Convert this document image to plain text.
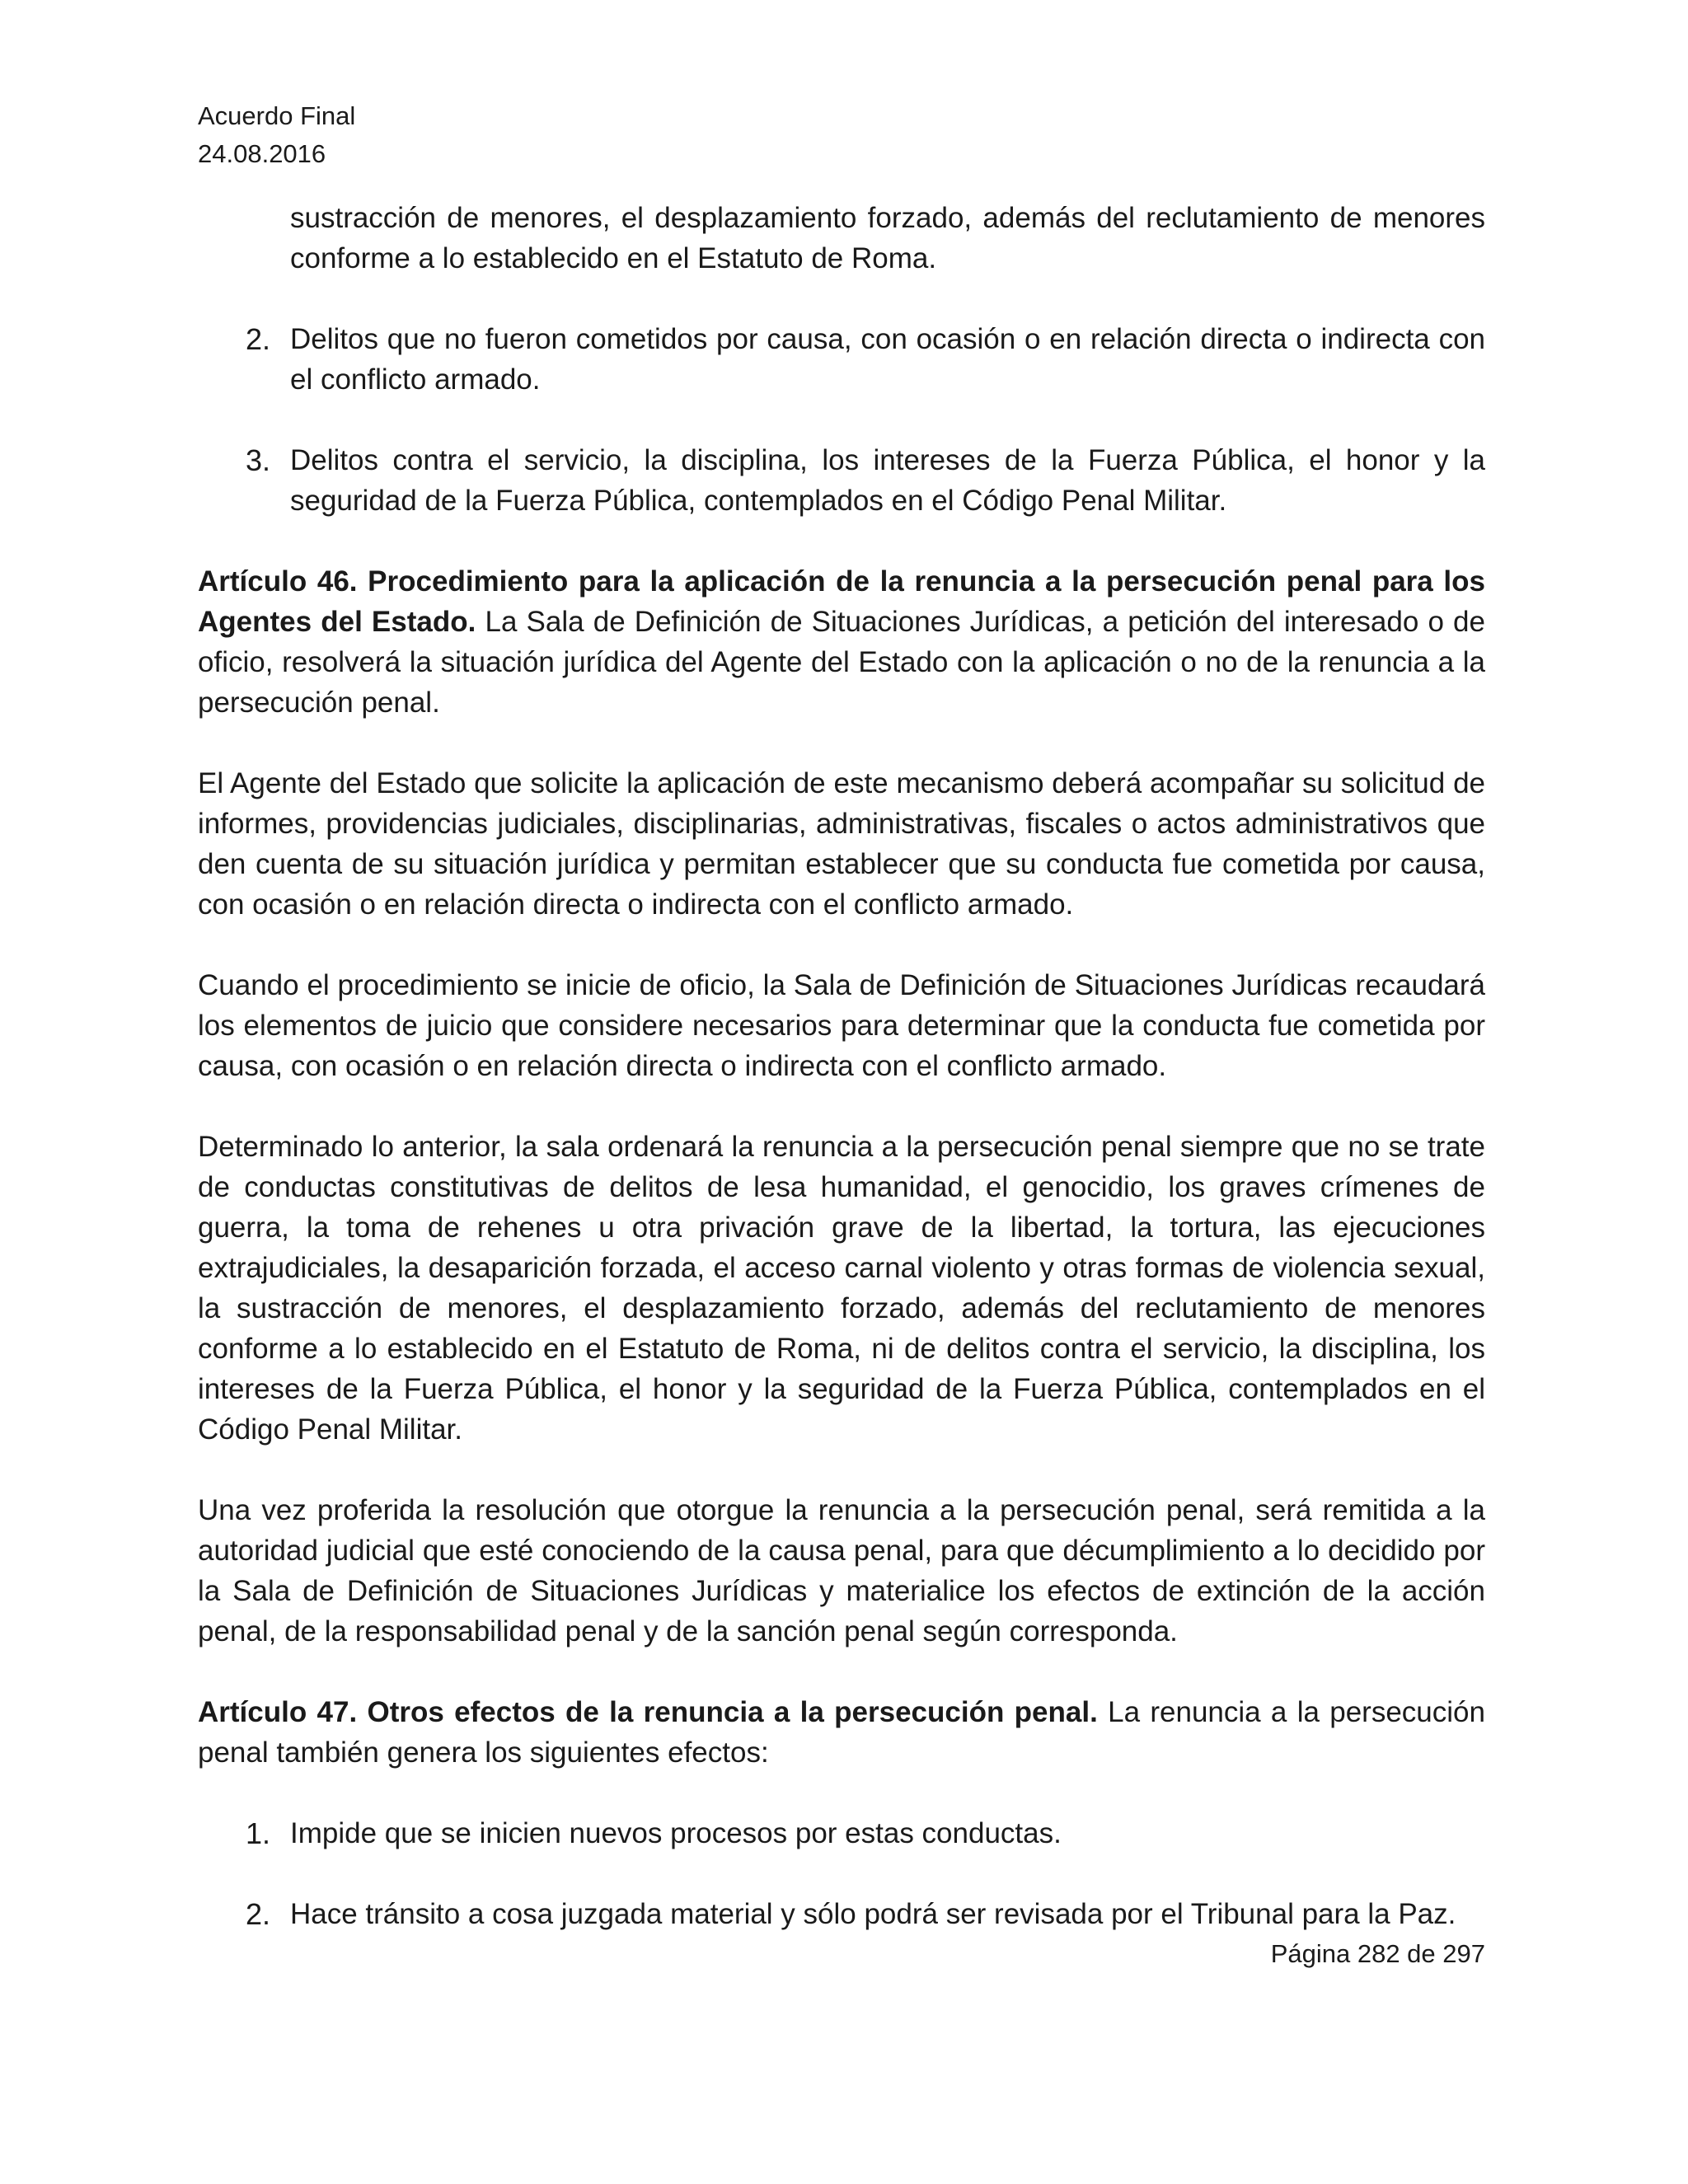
Acuerdo Final
24.08.2016

sustracción de menores, el desplazamiento forzado, además del reclutamiento de menores conforme a lo establecido en el Estatuto de Roma.

2. Delitos que no fueron cometidos por causa, con ocasión o en relación directa o indirecta con el conflicto armado.
3. Delitos contra el servicio, la disciplina, los intereses de la Fuerza Pública, el honor y la seguridad de la Fuerza Pública, contemplados en el Código Penal Militar.

Artículo 46. Procedimiento para la aplicación de la renuncia a la persecución penal para los Agentes del Estado. La Sala de Definición de Situaciones Jurídicas, a petición del interesado o de oficio, resolverá la situación jurídica del Agente del Estado con la aplicación o no de la renuncia a la persecución penal.

El Agente del Estado que solicite la aplicación de este mecanismo deberá acompañar su solicitud de informes, providencias judiciales, disciplinarias, administrativas, fiscales o actos administrativos que den cuenta de su situación jurídica y permitan establecer que su conducta fue cometida por causa, con ocasión o en relación directa o indirecta con el conflicto armado.

Cuando el procedimiento se inicie de oficio, la Sala de Definición de Situaciones Jurídicas recaudará los elementos de juicio que considere necesarios para determinar que la conducta fue cometida por causa, con ocasión o en relación directa o indirecta con el conflicto armado.

Determinado lo anterior, la sala ordenará la renuncia a la persecución penal siempre que no se trate de conductas constitutivas de delitos de lesa humanidad, el genocidio, los graves crímenes de guerra, la toma de rehenes u otra privación grave de la libertad, la tortura, las ejecuciones extrajudiciales, la desaparición forzada, el acceso carnal violento y otras formas de violencia sexual, la sustracción de menores, el desplazamiento forzado, además del reclutamiento de menores conforme a lo establecido en el Estatuto de Roma, ni de delitos contra el servicio, la disciplina, los intereses de la Fuerza Pública, el honor y la seguridad de la Fuerza Pública, contemplados en el Código Penal Militar.

Una vez proferida la resolución que otorgue la renuncia a la persecución penal, será remitida a la autoridad judicial que esté conociendo de la causa penal, para que décumplimiento a lo decidido por la Sala de Definición de Situaciones Jurídicas y materialice los efectos de extinción de la acción penal, de la responsabilidad penal y de la sanción penal según corresponda.

Artículo 47. Otros efectos de la renuncia a la persecución penal. La renuncia a la persecución penal también genera los siguientes efectos:

1. Impide que se inicien nuevos procesos por estas conductas.
2. Hace tránsito a cosa juzgada material y sólo podrá ser revisada por el Tribunal para la Paz.
Página 282 de 297
